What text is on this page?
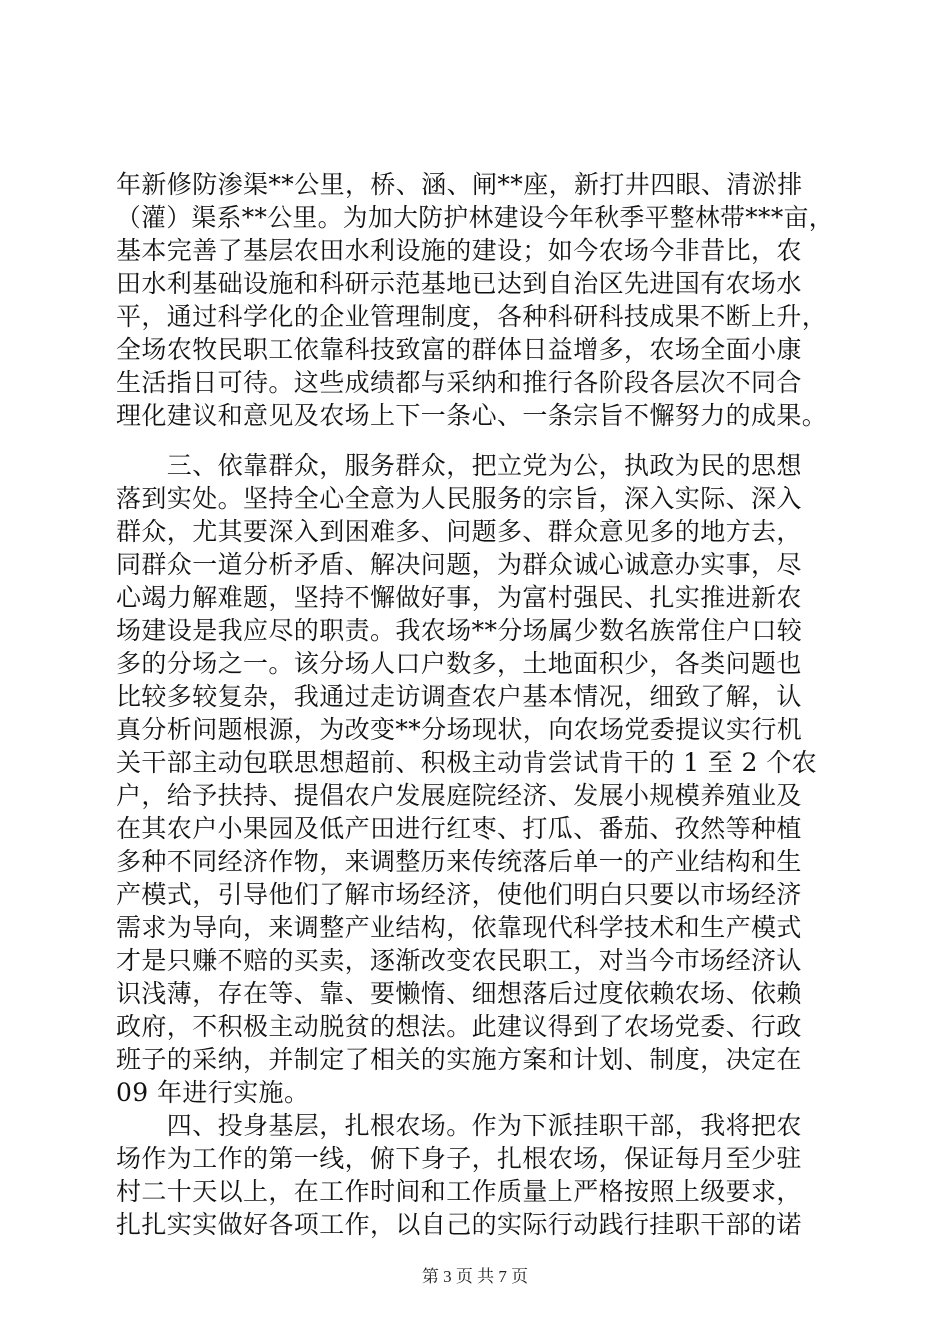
年新修防渗渠**公里，桥、涵、闸**座，新打井四眼、清淤排
（灌）渠系**公里。为加大防护林建设今年秋季平整林带***亩，
基本完善了基层农田水利设施的建设；如今农场今非昔比，农
田水利基础设施和科研示范基地已达到自治区先进国有农场水
平，通过科学化的企业管理制度，各种科研科技成果不断上升，
全场农牧民职工依靠科技致富的群体日益增多，农场全面小康
生活指日可待。这些成绩都与采纳和推行各阶段各层次不同合
理化建议和意见及农场上下一条心、一条宗旨不懈努力的成果。
　　三、依靠群众，服务群众，把立党为公，执政为民的思想
落到实处。坚持全心全意为人民服务的宗旨，深入实际、深入
群众，尤其要深入到困难多、问题多、群众意见多的地方去，
同群众一道分析矛盾、解决问题，为群众诚心诚意办实事，尽
心竭力解难题，坚持不懈做好事，为富村强民、扎实推进新农
场建设是我应尽的职责。我农场**分场属少数名族常住户口较
多的分场之一。该分场人口户数多，土地面积少，各类问题也
比较多较复杂，我通过走访调查农户基本情况，细致了解，认
真分析问题根源，为改变**分场现状，向农场党委提议实行机
关干部主动包联思想超前、积极主动肯尝试肯干的 1 至 2 个农
户，给予扶持、提倡农户发展庭院经济、发展小规模养殖业及
在其农户小果园及低产田进行红枣、打瓜、番茄、孜然等种植
多种不同经济作物，来调整历来传统落后单一的产业结构和生
产模式，引导他们了解市场经济，使他们明白只要以市场经济
需求为导向，来调整产业结构，依靠现代科学技术和生产模式
才是只赚不赔的买卖，逐渐改变农民职工，对当今市场经济认
识浅薄，存在等、靠、要懒惰、细想落后过度依赖农场、依赖
政府，不积极主动脱贫的想法。此建议得到了农场党委、行政
班子的采纳，并制定了相关的实施方案和计划、制度，决定在
09 年进行实施。
　　四、投身基层，扎根农场。作为下派挂职干部，我将把农
场作为工作的第一线，俯下身子，扎根农场，保证每月至少驻
村二十天以上，在工作时间和工作质量上严格按照上级要求，
扎扎实实做好各项工作，以自己的实际行动践行挂职干部的诺
第 3 页 共 7 页
